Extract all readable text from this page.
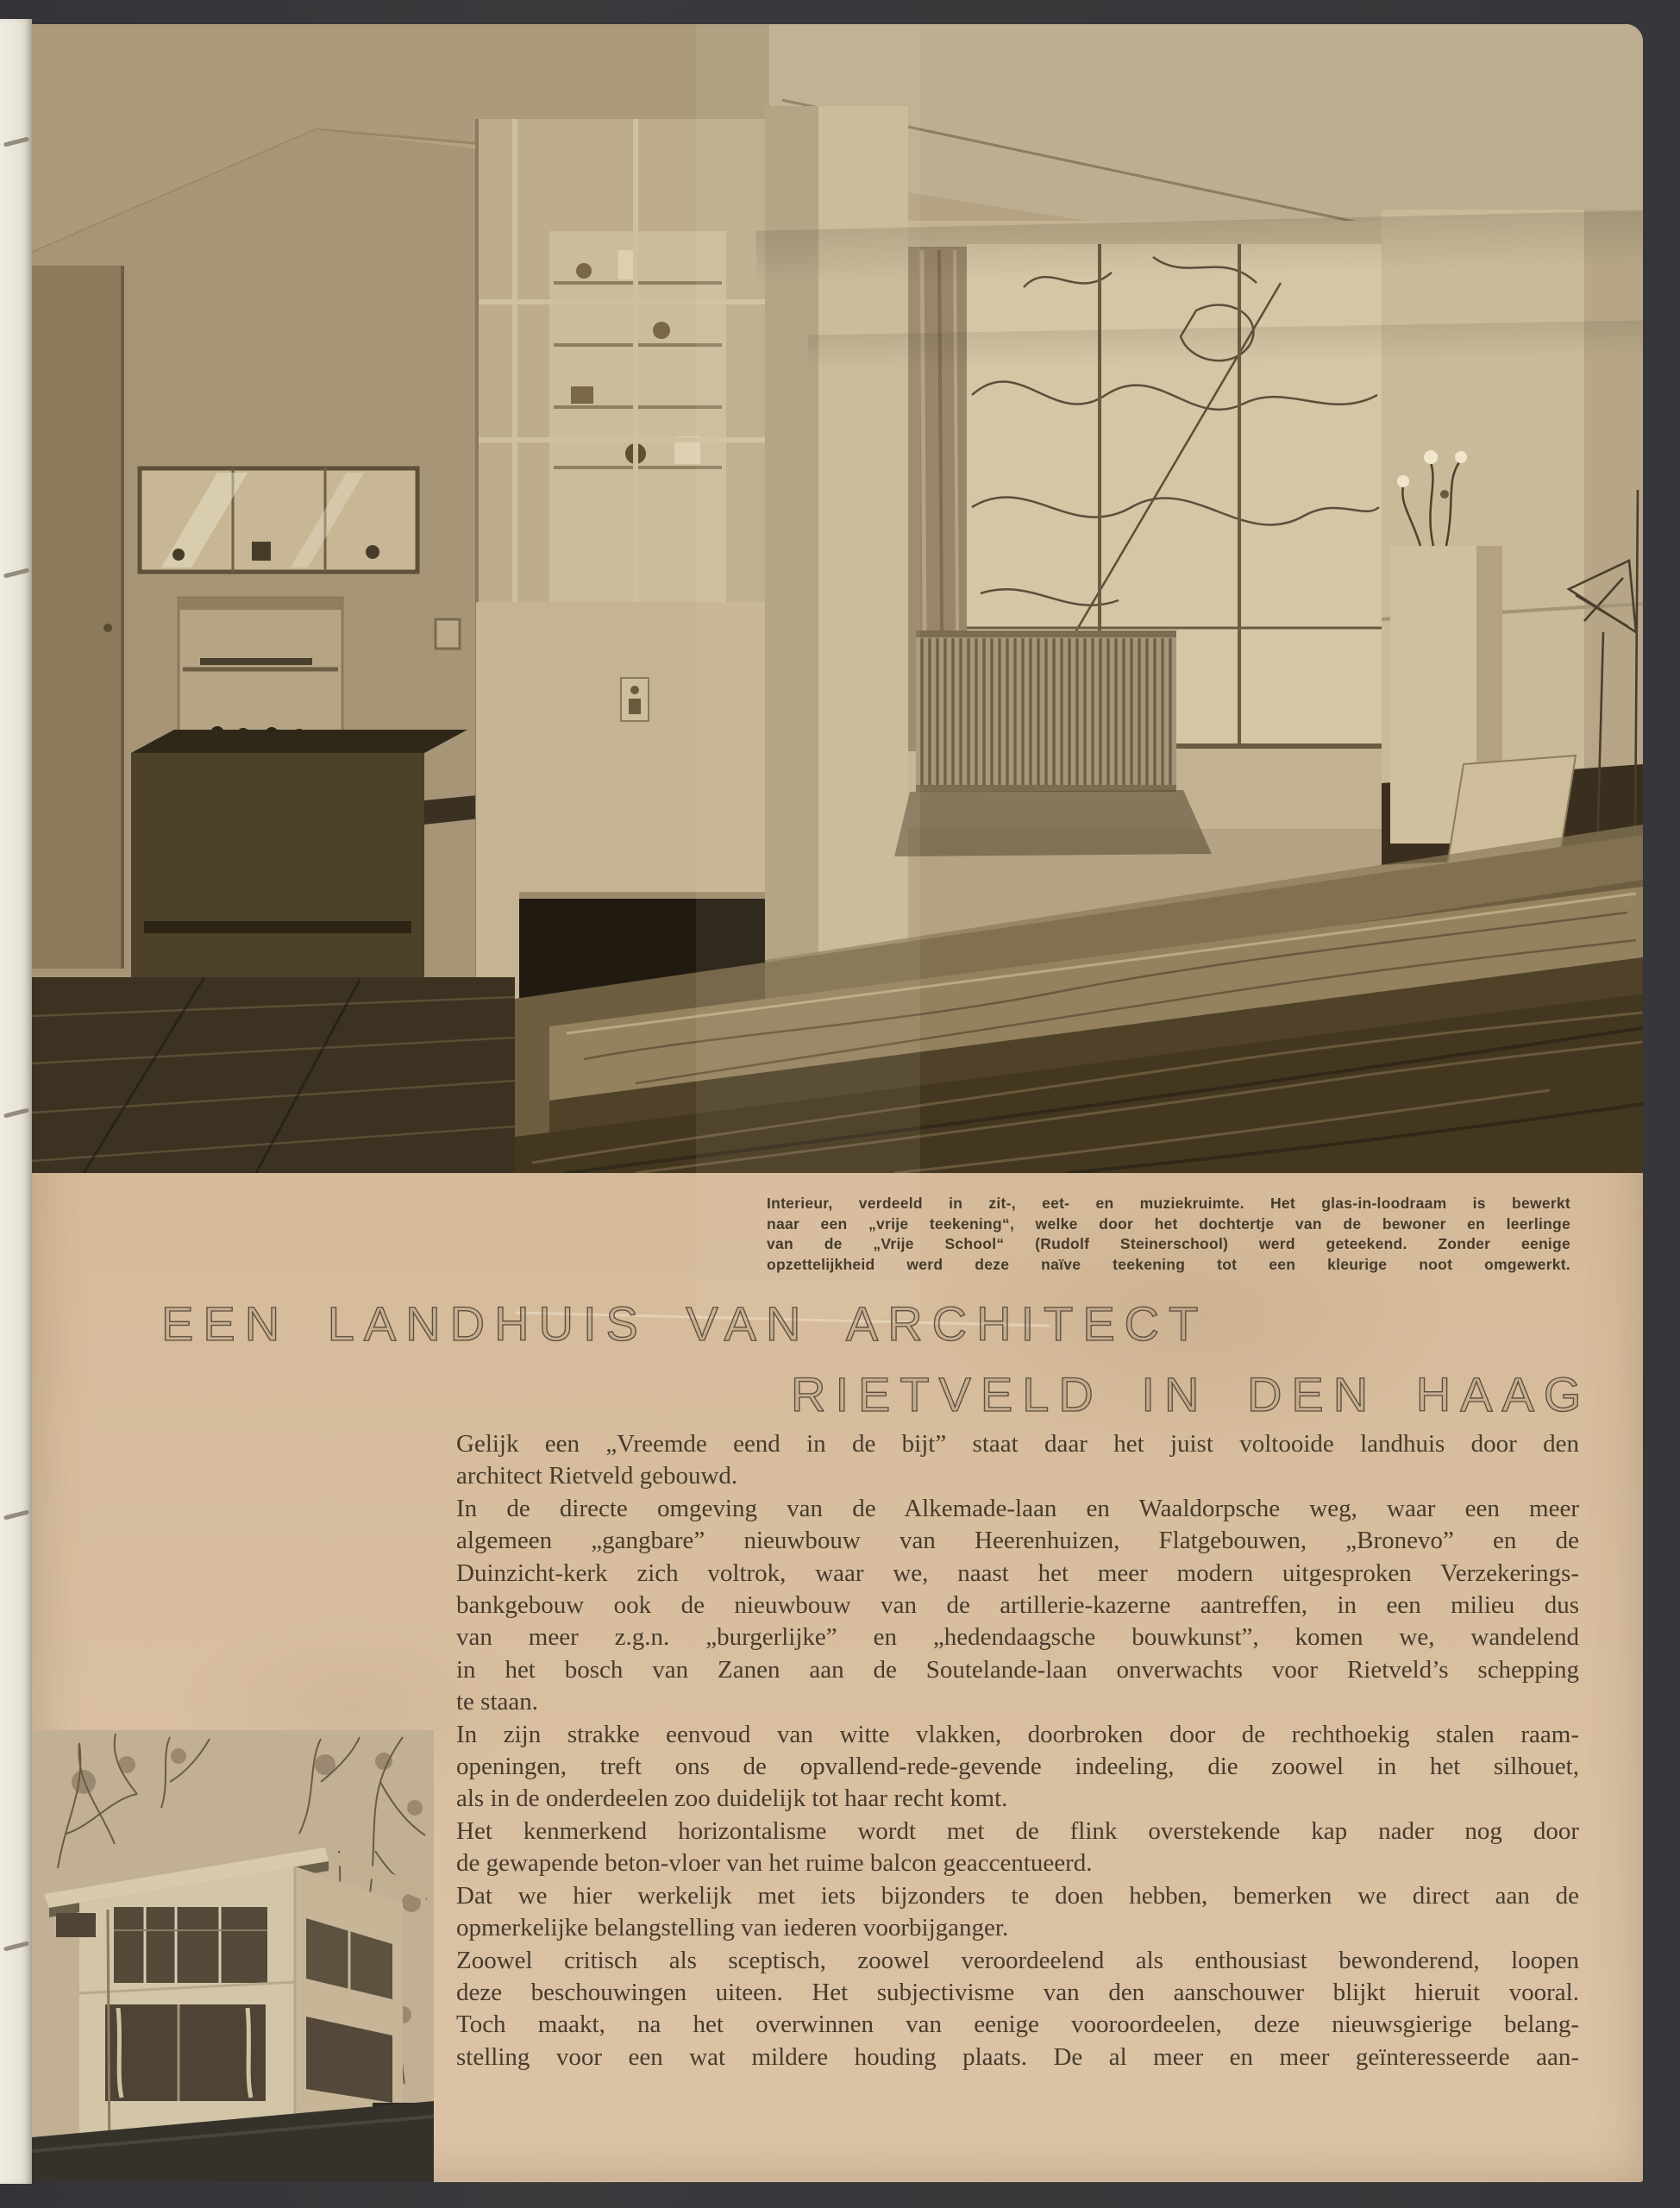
Interieur, verdeeld in zit-, eet- en muziekruimte. Het glas-in-loodraam is bewerkt
naar een „vrije teekening“, welke door het dochtertje van de bewoner en leerlinge
van de „Vrije School“ (Rudolf Steinerschool) werd geteekend. Zonder eenige
opzettelijkheid werd deze naïve teekening tot een kleurige noot omgewerkt.
EEN LANDHUIS VAN ARCHITECT
RIETVELD IN DEN HAAG
Gelijk een „Vreemde eend in de bijt” staat daar het juist voltooide landhuis door den
architect Rietveld gebouwd.
In de directe omgeving van de Alkemade-laan en Waaldorpsche weg, waar een meer
algemeen „gangbare” nieuwbouw van Heerenhuizen, Flatgebouwen, „Bronevo” en de
Duinzicht-kerk zich voltrok, waar we, naast het meer modern uitgesproken Verzekerings-
bankgebouw ook de nieuwbouw van de artillerie-kazerne aantreffen, in een milieu dus
van meer z.g.n. „burgerlijke” en „hedendaagsche bouwkunst”, komen we, wandelend
in het bosch van Zanen aan de Soutelande-laan onverwachts voor Rietveld’s schepping
te staan.
In zijn strakke eenvoud van witte vlakken, doorbroken door de rechthoekig stalen raam-
openingen, treft ons de opvallend-rede-gevende indeeling, die zoowel in het silhouet,
als in de onderdeelen zoo duidelijk tot haar recht komt.
Het kenmerkend horizontalisme wordt met de flink overstekende kap nader nog door
de gewapende beton-vloer van het ruime balcon geaccentueerd.
Dat we hier werkelijk met iets bijzonders te doen hebben, bemerken we direct aan de
opmerkelijke belangstelling van iederen voorbijganger.
Zoowel critisch als sceptisch, zoowel veroordeelend als enthousiast bewonderend, loopen
deze beschouwingen uiteen. Het subjectivisme van den aanschouwer blijkt hieruit vooral.
Toch maakt, na het overwinnen van eenige vooroordeelen, deze nieuwsgierige belang-
stelling voor een wat mildere houding plaats. De al meer en meer geïnteresseerde aan-
